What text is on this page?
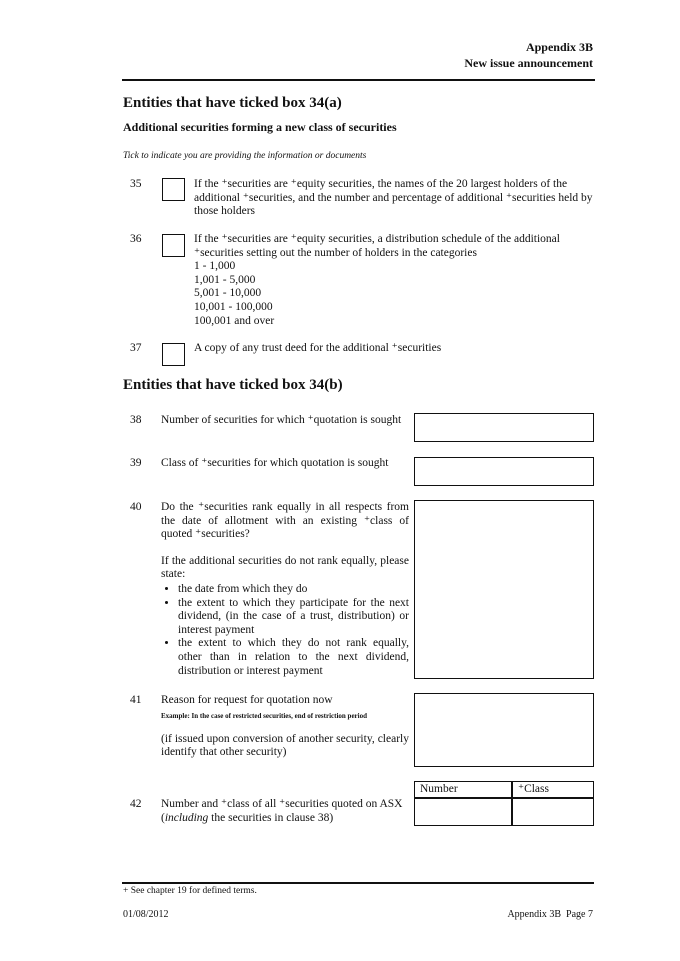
Appendix 3B
New issue announcement
Entities that have ticked box 34(a)
Additional securities forming a new class of securities
Tick to indicate you are providing the information or documents
35	If the ⁺securities are ⁺equity securities, the names of the 20 largest holders of the
additional ⁺securities, and the number and percentage of additional ⁺securities held by
those holders
36	If the ⁺securities are ⁺equity securities, a distribution schedule of the additional
⁺securities setting out the number of holders in the categories
1 - 1,000
1,001 - 5,000
5,001 - 10,000
10,001 - 100,000
100,001 and over
37	A copy of any trust deed for the additional ⁺securities
Entities that have ticked box 34(b)
38 Number of securities for which ⁺quotation is sought
39 Class of ⁺securities for which quotation is sought
40 Do the ⁺securities rank equally in all respects from the date of allotment with an existing ⁺class of quoted ⁺securities?
If the additional securities do not rank equally, please state:
• the date from which they do
• the extent to which they participate for the next dividend, (in the case of a trust, distribution) or interest payment
• the extent to which they do not rank equally, other than in relation to the next dividend, distribution or interest payment
41 Reason for request for quotation now
Example: In the case of restricted securities, end of restriction period
(if issued upon conversion of another security, clearly identify that other security)
42 Number and ⁺class of all ⁺securities quoted on ASX
(including the securities in clause 38)
Number	⁺Class
+ See chapter 19 for defined terms.
01/08/2012	Appendix 3B  Page 7
